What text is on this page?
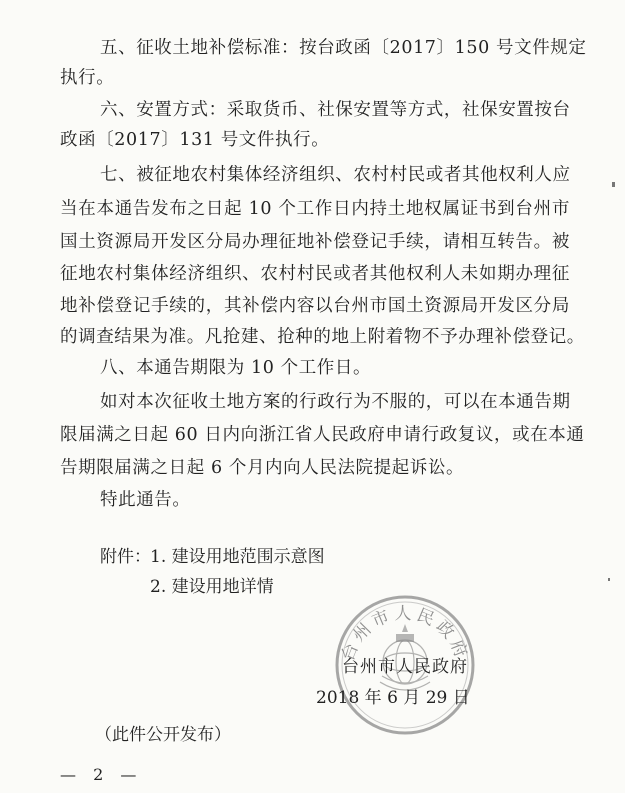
五、征收土地补偿标准：按台政函〔2017〕150 号文件规定
执行。
六、安置方式：采取货币、社保安置等方式，社保安置按台
政函〔2017〕131 号文件执行。
七、被征地农村集体经济组织、农村村民或者其他权利人应
当在本通告发布之日起 10 个工作日内持土地权属证书到台州市
国土资源局开发区分局办理征地补偿登记手续，请相互转告。被
征地农村集体经济组织、农村村民或者其他权利人未如期办理征
地补偿登记手续的，其补偿内容以台州市国土资源局开发区分局
的调查结果为准。凡抢建、抢种的地上附着物不予办理补偿登记。
八、本通告期限为 10 个工作日。
如对本次征收土地方案的行政行为不服的，可以在本通告期
限届满之日起 60 日内向浙江省人民政府申请行政复议，或在本通
告期限届满之日起 6 个月内向人民法院提起诉讼。
特此通告。
附件： 1. 建设用地范围示意图
2. 建设用地详情
台州市人民政府
台州市人民政府
2018 年 6 月 29 日
（此件公开发布）
— 2 —
